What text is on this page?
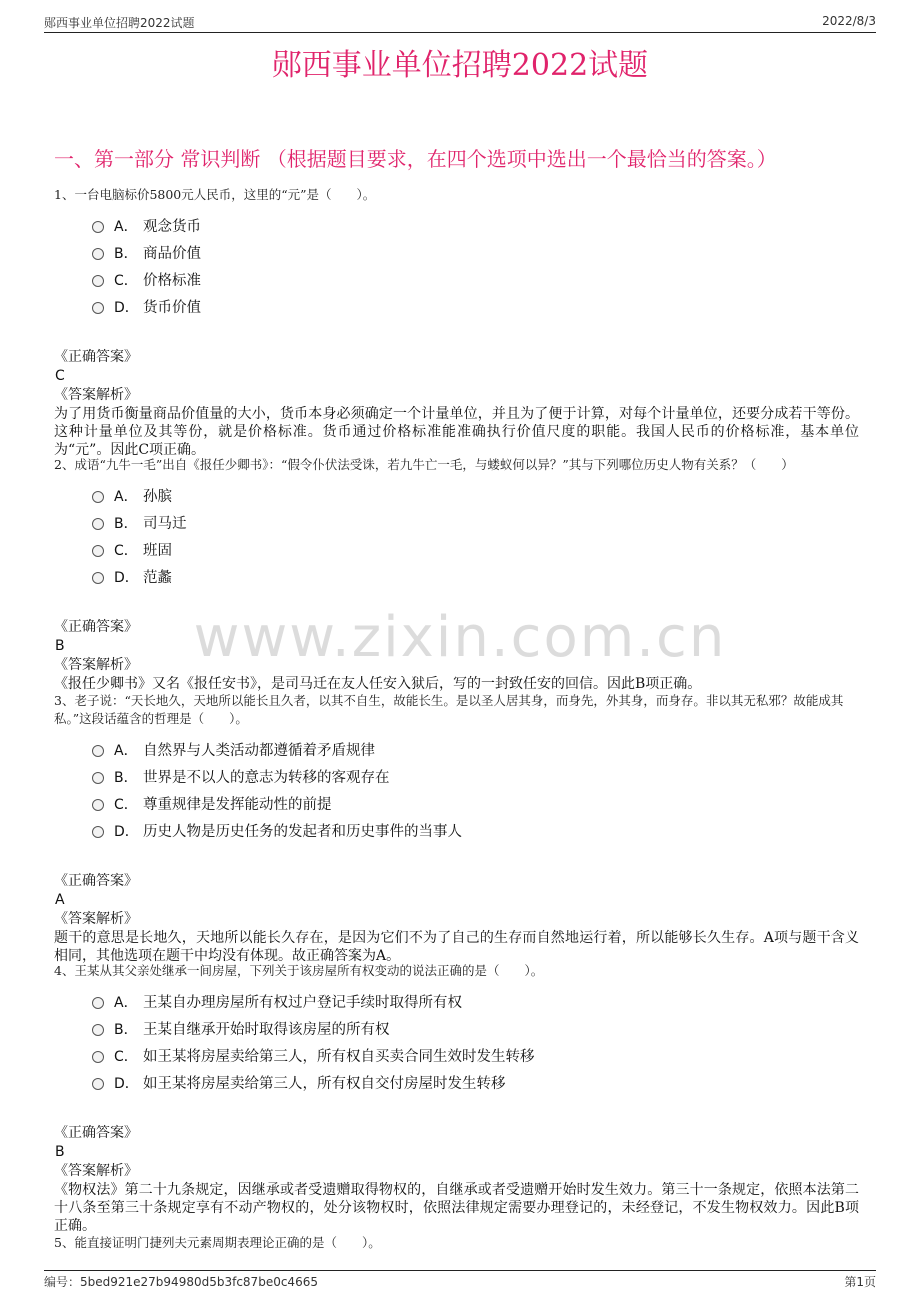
郧西事业单位招聘2022试题	2022/8/3
郧西事业单位招聘2022试题
一、第一部分 常识判断 （根据题目要求，在四个选项中选出一个最恰当的答案。）
www.zixin.com.cn
1、一台电脑标价5800元人民币，这里的“元”是（　　）。
A． 观念货币
B． 商品价值
C． 价格标准
D． 货币价值
《正确答案》
C
《答案解析》
为了用货币衡量商品价值量的大小，货币本身必须确定一个计量单位，并且为了便于计算，对每个计量单位，还要分成若干等份。这种计量单位及其等份，就是价格标准。货币通过价格标准能准确执行价值尺度的职能。我国人民币的价格标准，基本单位为“元”。因此C项正确。
2、成语“九牛一毛”出自《报任少卿书》：“假令仆伏法受诛，若九牛亡一毛，与蝼蚁何以异？”其与下列哪位历史人物有关系？（　　）
A． 孙膑
B． 司马迁
C． 班固
D． 范蠡
《正确答案》
B
《答案解析》
《报任少卿书》又名《报任安书》，是司马迁在友人任安入狱后，写的一封致任安的回信。因此B项正确。
3、老子说：“天长地久，天地所以能长且久者，以其不自生，故能长生。是以圣人居其身，而身先，外其身，而身存。非以其无私邪？故能成其私。”这段话蕴含的哲理是（　　）。
A． 自然界与人类活动都遵循着矛盾规律
B． 世界是不以人的意志为转移的客观存在
C． 尊重规律是发挥能动性的前提
D． 历史人物是历史任务的发起者和历史事件的当事人
《正确答案》
A
《答案解析》
题干的意思是长地久，天地所以能长久存在，是因为它们不为了自己的生存而自然地运行着，所以能够长久生存。A项与题干含义相同，其他选项在题干中均没有体现。故正确答案为A。
4、王某从其父亲处继承一间房屋，下列关于该房屋所有权变动的说法正确的是（　　）。
A． 王某自办理房屋所有权过户登记手续时取得所有权
B． 王某自继承开始时取得该房屋的所有权
C． 如王某将房屋卖给第三人，所有权自买卖合同生效时发生转移
D． 如王某将房屋卖给第三人，所有权自交付房屋时发生转移
《正确答案》
B
《答案解析》
《物权法》第二十九条规定，因继承或者受遗赠取得物权的，自继承或者受遗赠开始时发生效力。第三十一条规定，依照本法第二十八条至第三十条规定享有不动产物权的，处分该物权时，依照法律规定需要办理登记的，未经登记，不发生物权效力。因此B项正确。
5、能直接证明门捷列夫元素周期表理论正确的是（　　）。
编号：5bed921e27b94980d5b3fc87be0c4665	第1页
